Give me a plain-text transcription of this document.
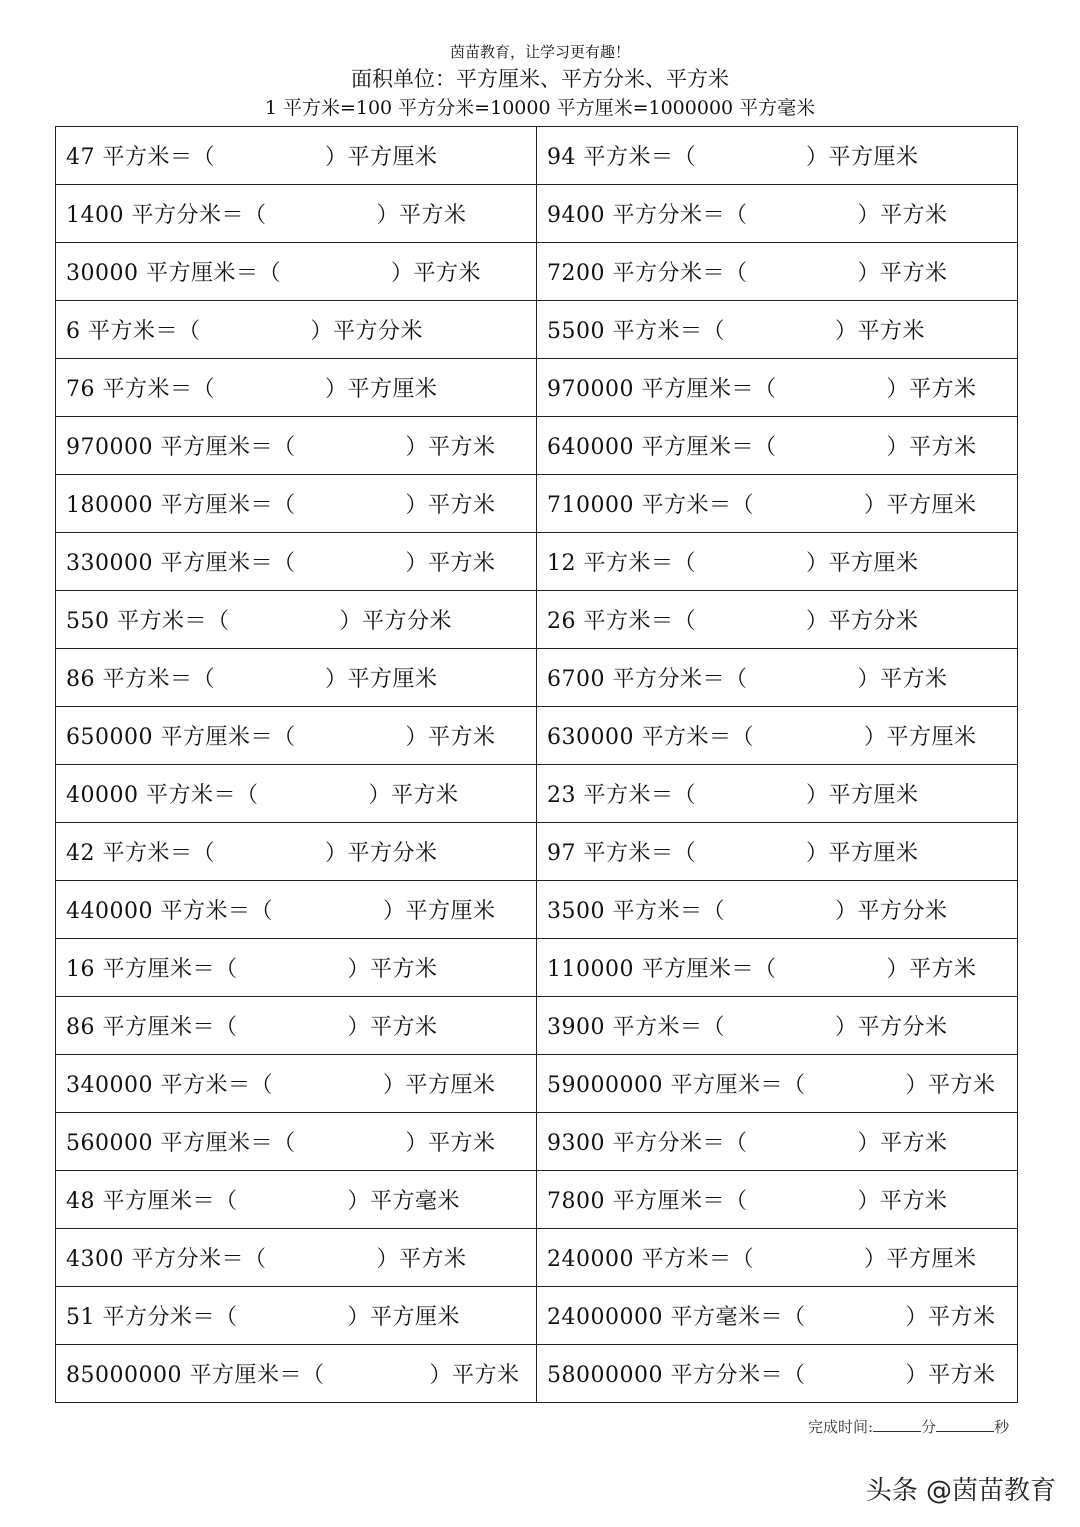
茵苗教育，让学习更有趣！
面积单位：平方厘米、平方分米、平方米
1 平方米=100 平方分米=10000 平方厘米=1000000 平方毫米
47 平方米＝（ ）平方厘米	94 平方米＝（ ）平方厘米
1400 平方分米＝（ ）平方米	9400 平方分米＝（ ）平方米
30000 平方厘米＝（ ）平方米	7200 平方分米＝（ ）平方米
6 平方米＝（ ）平方分米	5500 平方米＝（ ）平方米
76 平方米＝（ ）平方厘米	970000 平方厘米＝（ ）平方米
970000 平方厘米＝（ ）平方米	640000 平方厘米＝（ ）平方米
180000 平方厘米＝（ ）平方米	710000 平方米＝（ ）平方厘米
330000 平方厘米＝（ ）平方米	12 平方米＝（ ）平方厘米
550 平方米＝（ ）平方分米	26 平方米＝（ ）平方分米
86 平方米＝（ ）平方厘米	6700 平方分米＝（ ）平方米
650000 平方厘米＝（ ）平方米	630000 平方米＝（ ）平方厘米
40000 平方米＝（ ）平方米	23 平方米＝（ ）平方厘米
42 平方米＝（ ）平方分米	97 平方米＝（ ）平方厘米
440000 平方米＝（ ）平方厘米	3500 平方米＝（ ）平方分米
16 平方厘米＝（ ）平方米	110000 平方厘米＝（ ）平方米
86 平方厘米＝（ ）平方米	3900 平方米＝（ ）平方分米
340000 平方米＝（ ）平方厘米	59000000 平方厘米＝（ ）平方米
560000 平方厘米＝（ ）平方米	9300 平方分米＝（ ）平方米
48 平方厘米＝（ ）平方毫米	7800 平方厘米＝（ ）平方米
4300 平方分米＝（ ）平方米	240000 平方米＝（ ）平方厘米
51 平方分米＝（ ）平方厘米	24000000 平方毫米＝（ ）平方米
85000000 平方厘米＝（ ）平方米	58000000 平方分米＝（ ）平方米
完成时间:	分	秒
头条 @茵苗教育
